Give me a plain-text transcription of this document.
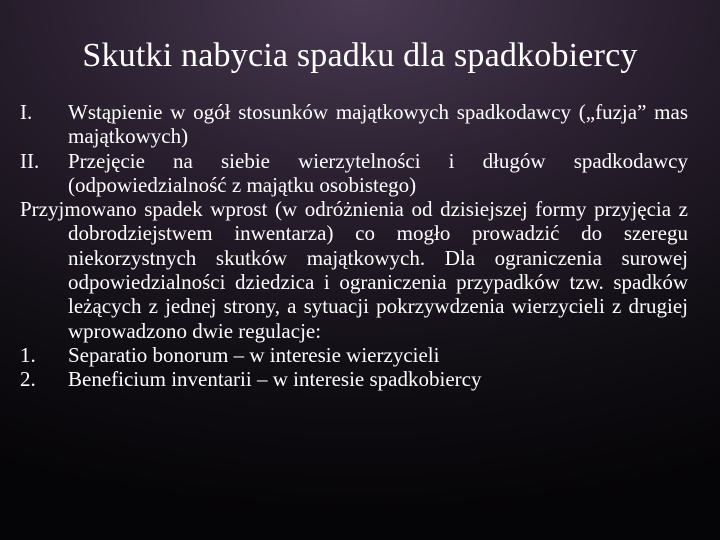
Skutki nabycia spadku dla spadkobiercy
I.	Wstąpienie w ogół stosunków majątkowych spadkodawcy („fuzja” mas majątkowych)
II.	Przejęcie na siebie wierzytelności i długów spadkodawcy (odpowiedzialność z majątku osobistego)
Przyjmowano spadek wprost (w odróżnienia od dzisiejszej formy przyjęcia z dobrodziejstwem inwentarza) co mogło prowadzić do szeregu niekorzystnych skutków majątkowych. Dla ograniczenia surowej odpowiedzialności dziedzica i ograniczenia przypadków tzw. spadków leżących z jednej strony, a sytuacji pokrzywdzenia wierzycieli z drugiej wprowadzono dwie regulacje:
1.	Separatio bonorum – w interesie wierzycieli
2.	Beneficium inventarii – w interesie spadkobiercy
